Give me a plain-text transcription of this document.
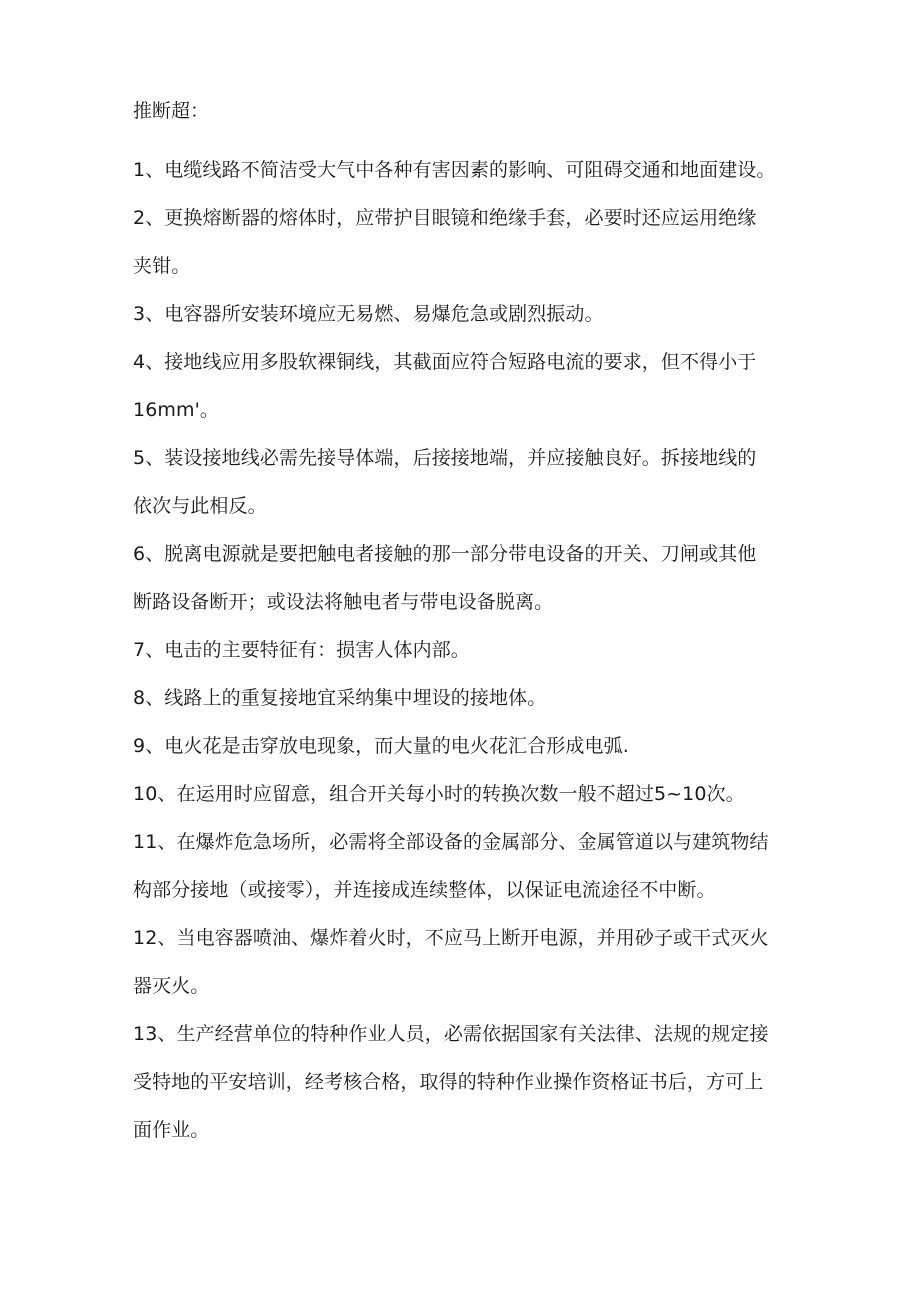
推断超：

1、电缆线路不简洁受大气中各种有害因素的影响、可阻碍交通和地面建设。
2、更换熔断器的熔体时，应带护目眼镜和绝缘手套，必要时还应运用绝缘
夹钳。
3、电容器所安装环境应无易燃、易爆危急或剧烈振动。
4、接地线应用多股软裸铜线，其截面应符合短路电流的要求，但不得小于
16mm'。
5、装设接地线必需先接导体端，后接接地端，并应接触良好。拆接地线的
依次与此相反。
6、脱离电源就是要把触电者接触的那一部分带电设备的开关、刀闸或其他
断路设备断开；或设法将触电者与带电设备脱离。
7、电击的主要特征有：损害人体内部。
8、线路上的重复接地宜采纳集中埋设的接地体。
9、电火花是击穿放电现象，而大量的电火花汇合形成电弧.
10、在运用时应留意，组合开关每小时的转换次数一般不超过5~10次。
11、在爆炸危急场所，必需将全部设备的金属部分、金属管道以与建筑物结
构部分接地（或接零），并连接成连续整体，以保证电流途径不中断。
12、当电容器喷油、爆炸着火时，不应马上断开电源，并用砂子或干式灭火
器灭火。
13、生产经营单位的特种作业人员，必需依据国家有关法律、法规的规定接
受特地的平安培训，经考核合格，取得的特种作业操作资格证书后，方可上
面作业。
